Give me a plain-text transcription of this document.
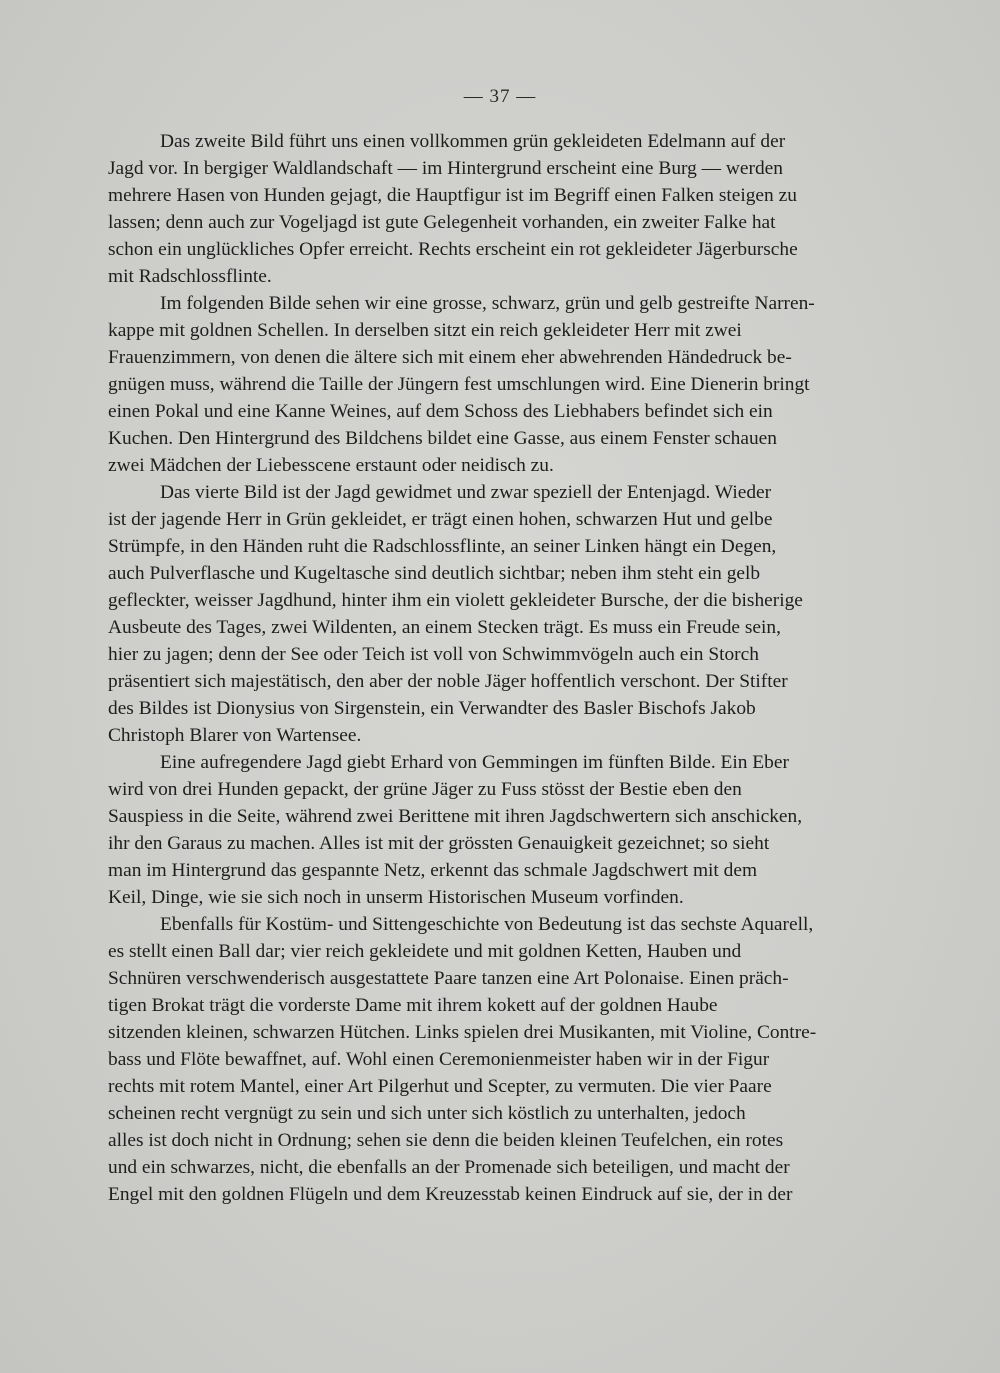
— 37 —

Das zweite Bild führt uns einen vollkommen grün gekleideten Edelmann auf der
Jagd vor. In bergiger Waldlandschaft — im Hintergrund erscheint eine Burg — werden
mehrere Hasen von Hunden gejagt, die Hauptfigur ist im Begriff einen Falken steigen zu
lassen; denn auch zur Vogeljagd ist gute Gelegenheit vorhanden, ein zweiter Falke hat
schon ein unglückliches Opfer erreicht. Rechts erscheint ein rot gekleideter Jägerbursche
mit Radschlossflinte.

Im folgenden Bilde sehen wir eine grosse, schwarz, grün und gelb gestreifte Narren-
kappe mit goldnen Schellen. In derselben sitzt ein reich gekleideter Herr mit zwei
Frauenzimmern, von denen die ältere sich mit einem eher abwehrenden Händedruck be-
gnügen muss, während die Taille der Jüngern fest umschlungen wird. Eine Dienerin bringt
einen Pokal und eine Kanne Weines, auf dem Schoss des Liebhabers befindet sich ein
Kuchen. Den Hintergrund des Bildchens bildet eine Gasse, aus einem Fenster schauen
zwei Mädchen der Liebesscene erstaunt oder neidisch zu.

Das vierte Bild ist der Jagd gewidmet und zwar speziell der Entenjagd. Wieder
ist der jagende Herr in Grün gekleidet, er trägt einen hohen, schwarzen Hut und gelbe
Strümpfe, in den Händen ruht die Radschlossflinte, an seiner Linken hängt ein Degen,
auch Pulverflasche und Kugeltasche sind deutlich sichtbar; neben ihm steht ein gelb
gefleckter, weisser Jagdhund, hinter ihm ein violett gekleideter Bursche, der die bisherige
Ausbeute des Tages, zwei Wildenten, an einem Stecken trägt. Es muss ein Freude sein,
hier zu jagen; denn der See oder Teich ist voll von Schwimmvögeln auch ein Storch
präsentiert sich majestätisch, den aber der noble Jäger hoffentlich verschont. Der Stifter
des Bildes ist Dionysius von Sirgenstein, ein Verwandter des Basler Bischofs Jakob
Christoph Blarer von Wartensee.

Eine aufregendere Jagd giebt Erhard von Gemmingen im fünften Bilde. Ein Eber
wird von drei Hunden gepackt, der grüne Jäger zu Fuss stösst der Bestie eben den
Sauspiess in die Seite, während zwei Berittene mit ihren Jagdschwertern sich anschicken,
ihr den Garaus zu machen. Alles ist mit der grössten Genauigkeit gezeichnet; so sieht
man im Hintergrund das gespannte Netz, erkennt das schmale Jagdschwert mit dem
Keil, Dinge, wie sie sich noch in unserm Historischen Museum vorfinden.

Ebenfalls für Kostüm- und Sittengeschichte von Bedeutung ist das sechste Aquarell,
es stellt einen Ball dar; vier reich gekleidete und mit goldnen Ketten, Hauben und
Schnüren verschwenderisch ausgestattete Paare tanzen eine Art Polonaise. Einen präch-
tigen Brokat trägt die vorderste Dame mit ihrem kokett auf der goldnen Haube
sitzenden kleinen, schwarzen Hütchen. Links spielen drei Musikanten, mit Violine, Contre-
bass und Flöte bewaffnet, auf. Wohl einen Ceremonienmeister haben wir in der Figur
rechts mit rotem Mantel, einer Art Pilgerhut und Scepter, zu vermuten. Die vier Paare
scheinen recht vergnügt zu sein und sich unter sich köstlich zu unterhalten, jedoch
alles ist doch nicht in Ordnung; sehen sie denn die beiden kleinen Teufelchen, ein rotes
und ein schwarzes, nicht, die ebenfalls an der Promenade sich beteiligen, und macht der
Engel mit den goldnen Flügeln und dem Kreuzesstab keinen Eindruck auf sie, der in der
